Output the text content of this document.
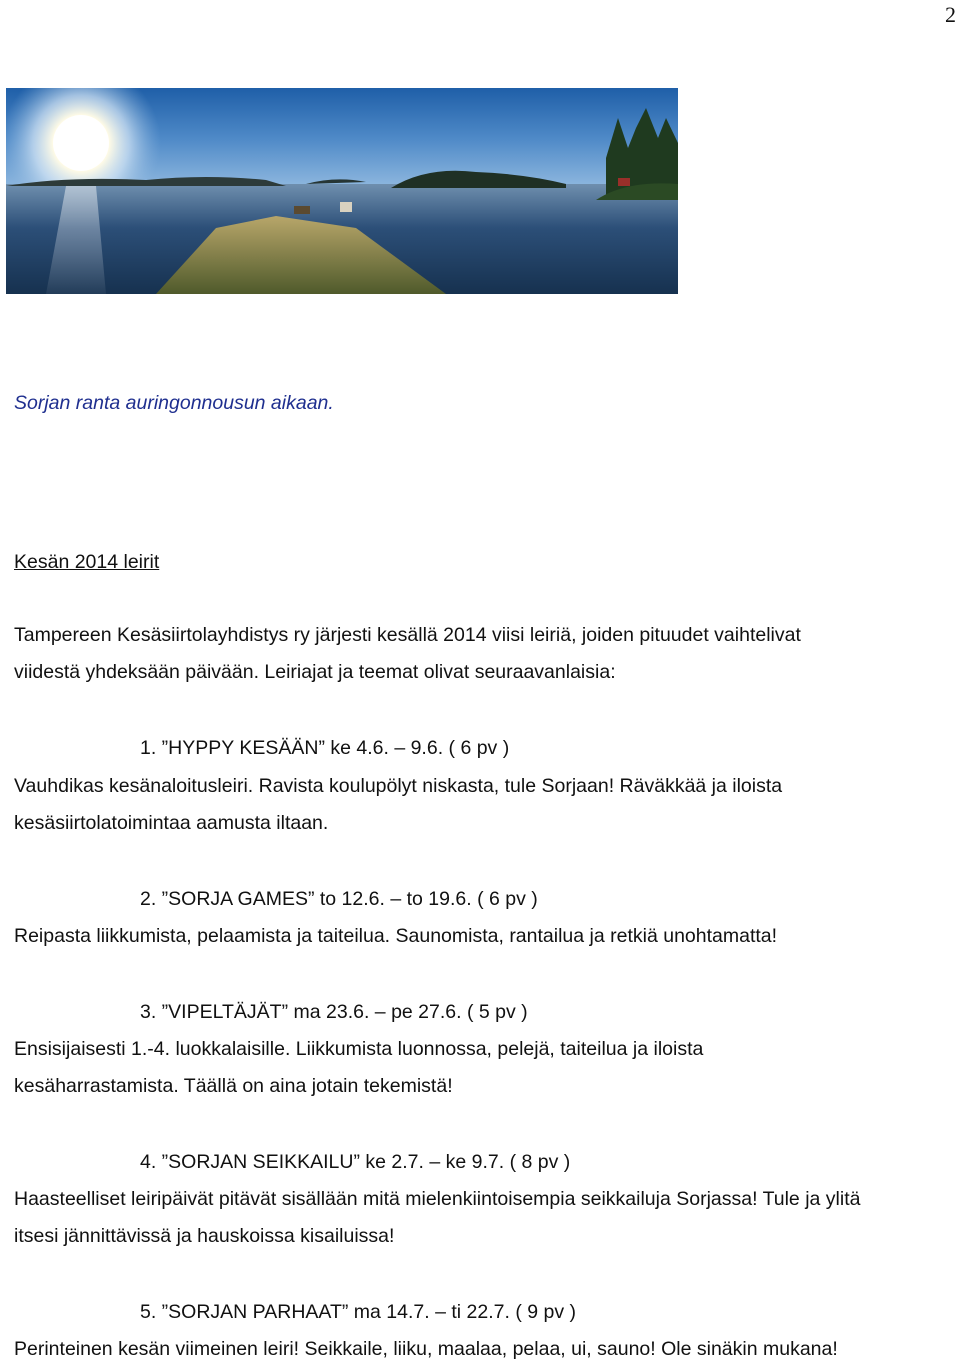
2
Sorjan ranta auringonnousun aikaan.
Kesän 2014 leirit
Tampereen Kesäsiirtolayhdistys ry järjesti kesällä 2014 viisi leiriä, joiden pituudet vaihtelivat
viidestä yhdeksään päivään. Leiriajat ja teemat olivat seuraavanlaisia:
1. ”HYPPY KESÄÄN” ke 4.6. – 9.6. ( 6 pv )
Vauhdikas kesänaloitusleiri. Ravista koulupölyt niskasta, tule Sorjaan! Räväkkää ja iloista
kesäsiirtolatoimintaa aamusta iltaan.
2. ”SORJA GAMES” to 12.6. – to 19.6. ( 6 pv )
Reipasta liikkumista, pelaamista ja taiteilua. Saunomista, rantailua ja retkiä unohtamatta!
3. ”VIPELTÄJÄT” ma 23.6. – pe 27.6. ( 5 pv )
Ensisijaisesti 1.-4. luokkalaisille. Liikkumista luonnossa, pelejä, taiteilua ja iloista
kesäharrastamista. Täällä on aina jotain tekemistä!
4. ”SORJAN SEIKKAILU” ke 2.7. – ke 9.7. ( 8 pv )
Haasteelliset leiripäivät pitävät sisällään mitä mielenkiintoisempia seikkailuja Sorjassa! Tule ja ylitä
itsesi jännittävissä ja hauskoissa kisailuissa!
5. ”SORJAN PARHAAT” ma 14.7. – ti 22.7. ( 9 pv )
Perinteinen kesän viimeinen leiri! Seikkaile, liiku, maalaa, pelaa, ui, sauno! Ole sinäkin mukana!
